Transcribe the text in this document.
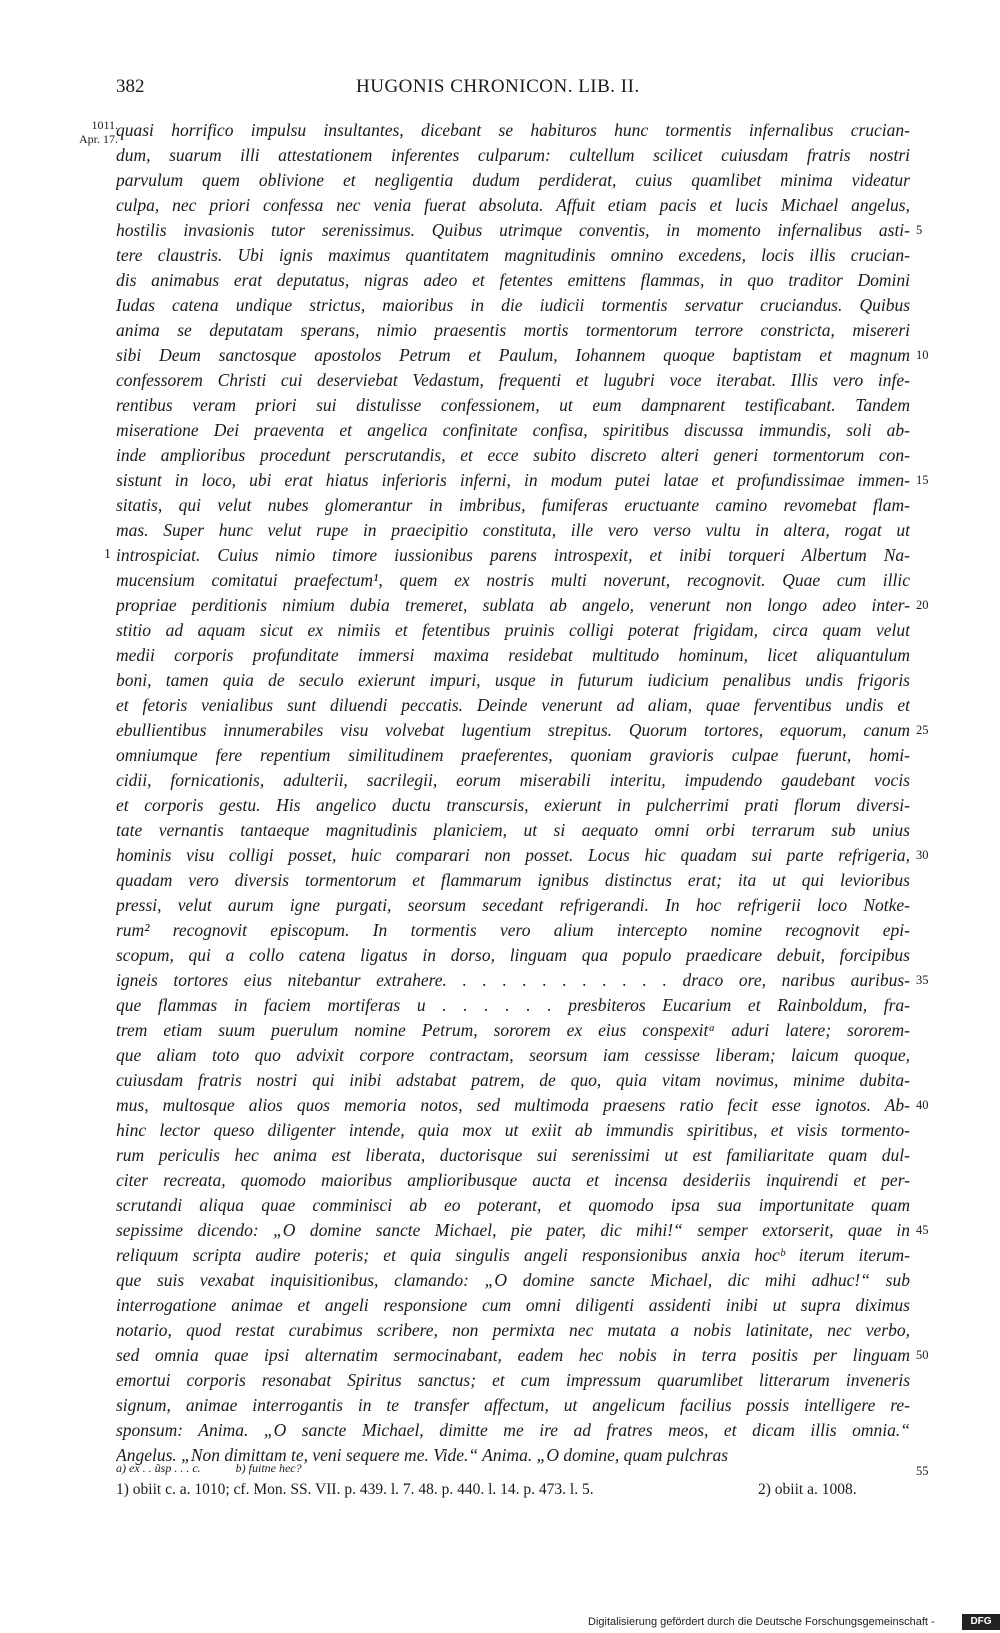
382	HUGONIS CHRONICON. LIB. II.
1011.
Apr. 17.
1
quasi horrifico impulsu insultantes, dicebant se habituros hunc tormentis infernalibus crucian-
dum, suarum illi attestationem inferentes culparum: cultellum scilicet cuiusdam fratris nostri
parvulum quem oblivione et negligentia dudum perdiderat, cuius quamlibet minima videatur
culpa, nec priori confessa nec venia fuerat absoluta. Affuit etiam pacis et lucis Michael angelus,
hostilis invasionis tutor serenissimus. Quibus utrimque conventis, in momento infernalibus asti-
tere claustris. Ubi ignis maximus quantitatem magnitudinis omnino excedens, locis illis crucian-
dis animabus erat deputatus, nigras adeo et fetentes emittens flammas, in quo traditor Domini
Iudas catena undique strictus, maioribus in die iudicii tormentis servatur cruciandus. Quibus
anima se deputatam sperans, nimio praesentis mortis tormentorum terrore constricta, misereri
sibi Deum sanctosque apostolos Petrum et Paulum, Iohannem quoque baptistam et magnum
confessorem Christi cui deserviebat Vedastum, frequenti et lugubri voce iterabat. Illis vero infe-
rentibus veram priori sui distulisse confessionem, ut eum dampnarent testificabant. Tandem
miseratione Dei praeventa et angelica confinitate confisa, spiritibus discussa immundis, soli ab-
inde amplioribus procedunt perscrutandis, et ecce subito discreto alteri generi tormentorum con-
sistunt in loco, ubi erat hiatus inferioris inferni, in modum putei latae et profundissimae immen-
sitatis, qui velut nubes glomerantur in imbribus, fumiferas eructuante camino revomebat flam-
mas. Super hunc velut rupe in praecipitio constituta, ille vero verso vultu in altera, rogat ut
introspiciat. Cuius nimio timore iussionibus parens introspexit, et inibi torqueri Albertum Na-
mucensium comitatui praefectum¹, quem ex nostris multi noverunt, recognovit. Quae cum illic
propriae perditionis nimium dubia tremeret, sublata ab angelo, venerunt non longo adeo inter-
stitio ad aquam sicut ex nimiis et fetentibus pruinis colligi poterat frigidam, circa quam velut
medii corporis profunditate immersi maxima residebat multitudo hominum, licet aliquantulum
boni, tamen quia de seculo exierunt impuri, usque in futurum iudicium penalibus undis frigoris
et fetoris venialibus sunt diluendi peccatis. Deinde venerunt ad aliam, quae ferventibus undis et
ebullientibus innumerabiles visu volvebat lugentium strepitus. Quorum tortores, equorum, canum
omniumque fere repentium similitudinem praeferentes, quoniam gravioris culpae fuerunt, homi-
cidii, fornicationis, adulterii, sacrilegii, eorum miserabili interitu, impudendo gaudebant vocis
et corporis gestu. His angelico ductu transcursis, exierunt in pulcherrimi prati florum diversi-
tate vernantis tantaeque magnitudinis planiciem, ut si aequato omni orbi terrarum sub unius
hominis visu colligi posset, huic comparari non posset. Locus hic quadam sui parte refrigeria,
quadam vero diversis tormentorum et flammarum ignibus distinctus erat; ita ut qui levioribus
pressi, velut aurum igne purgati, seorsum secedant refrigerandi. In hoc refrigerii loco Notke-
rum² recognovit episcopum. In tormentis vero alium intercepto nomine recognovit epi-
scopum, qui a collo catena ligatus in dorso, linguam qua populo praedicare debuit, forcipibus
igneis tortores eius nitebantur extrahere. . . . . . . . . . . . draco ore, naribus auribus-
que flammas in faciem mortiferas u . . . . . . presbiteros Eucarium et Rainboldum, fra-
trem etiam suum puerulum nomine Petrum, sororem ex eius conspexitᵃ aduri latere; sororem-
que aliam toto quo advixit corpore contractam, seorsum iam cessisse liberam; laicum quoque,
cuiusdam fratris nostri qui inibi adstabat patrem, de quo, quia vitam novimus, minime dubita-
mus, multosque alios quos memoria notos, sed multimoda praesens ratio fecit esse ignotos. Ab-
hinc lector queso diligenter intende, quia mox ut exiit ab immundis spiritibus, et visis tormento-
rum periculis hec anima est liberata, ductorisque sui serenissimi ut est familiaritate quam dul-
citer recreata, quomodo maioribus amplioribusque aucta et incensa desideriis inquirendi et per-
scrutandi aliqua quae comminisci ab eo poterant, et quomodo ipsa sua importunitate quam
sepissime dicendo: „O domine sancte Michael, pie pater, dic mihi!“ semper extorserit, quae in
reliquum scripta audire poteris; et quia singulis angeli responsionibus anxia hocᵇ iterum iterum-
que suis vexabat inquisitionibus, clamando: „O domine sancte Michael, dic mihi adhuc!“ sub
interrogatione animae et angeli responsione cum omni diligenti assidenti inibi ut supra diximus
notario, quod restat curabimus scribere, non permixta nec mutata a nobis latinitate, nec verbo,
sed omnia quae ipsi alternatim sermocinabant, eadem hec nobis in terra positis per linguam
emortui corporis resonabat Spiritus sanctus; et cum impressum quarumlibet litterarum inveneris
signum, animae interrogantis in te transfer affectum, ut angelicum facilius possis intelligere re-
sponsum: Anima. „O sancte Michael, dimitte me ire ad fratres meos, et dicam illis omnia.“
Angelus. „Non dimittam te, veni sequere me. Vide.“ Anima. „O domine, quam pulchras
5
10
15
20
25
30
35
40
45
50
55
a) ex . . ũsp . . . c.	b) fuitne hec?
1) obiit c. a. 1010; cf. Mon. SS. VII. p. 439. l. 7. 48. p. 440. l. 14. p. 473. l. 5.	2) obiit a. 1008.
Digitalisierung gefördert durch die Deutsche Forschungsgemeinschaft -	DFG
